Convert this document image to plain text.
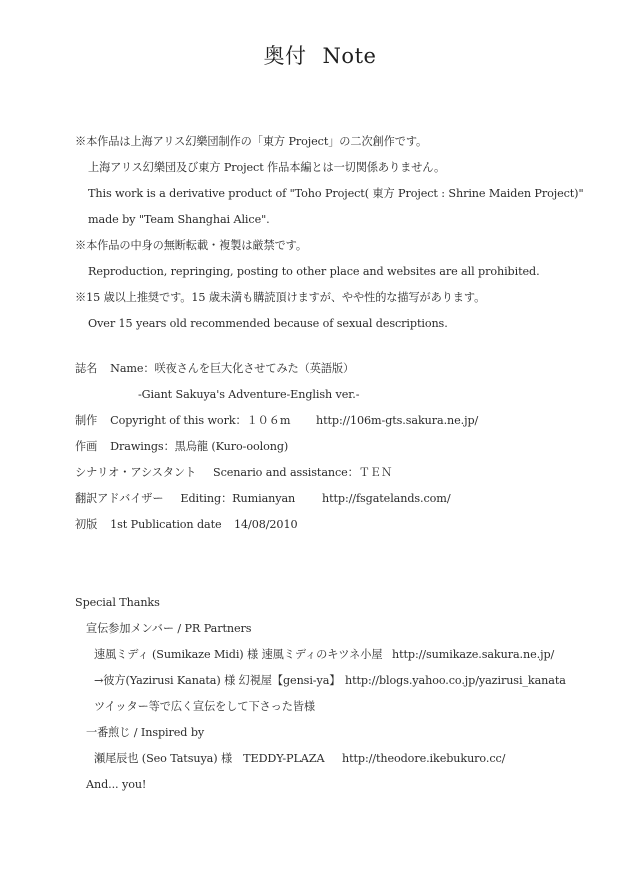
奥付 Note
※本作品は上海アリス幻樂団制作の「東方 Project」の二次創作です。
上海アリス幻樂団及び東方 Project 作品本編とは一切関係ありません。
This work is a derivative product of "Toho Project( 東方 Project : Shrine Maiden Project)"
made by "Team Shanghai Alice".
※本作品の中身の無断転載・複製は厳禁です。
Reproduction, repringing, posting to other place and websites are all prohibited.
※15 歳以上推奨です。15 歳未満も購読頂けますが、やや性的な描写があります。
Over 15 years old recommended because of sexual descriptions.
誌名 Name：咲夜さんを巨大化させてみた（英語版）
-Giant Sakuya's Adventure-English ver.-
制作 Copyright of this work：１０６m http://106m-gts.sakura.ne.jp/
作画 Drawings：黒烏龍 (Kuro-oolong)
シナリオ・アシスタント Scenario and assistance：ＴＥＮ
翻訳アドバイザー Editing：Rumianyan http://fsgatelands.com/
初版 1st Publication date 14/08/2010
Special Thanks
宣伝参加メンバー / PR Partners
速風ミディ (Sumikaze Midi) 様 速風ミディのキツネ小屋 http://sumikaze.sakura.ne.jp/
→彼方(Yazirusi Kanata) 様 幻視屋【gensi-ya】 http://blogs.yahoo.co.jp/yazirusi_kanata
ツイッター等で広く宣伝をして下さった皆様
一番煎じ / Inspired by
瀬尾辰也 (Seo Tatsuya) 様　TEDDY-PLAZA http://theodore.ikebukuro.cc/
And... you!
